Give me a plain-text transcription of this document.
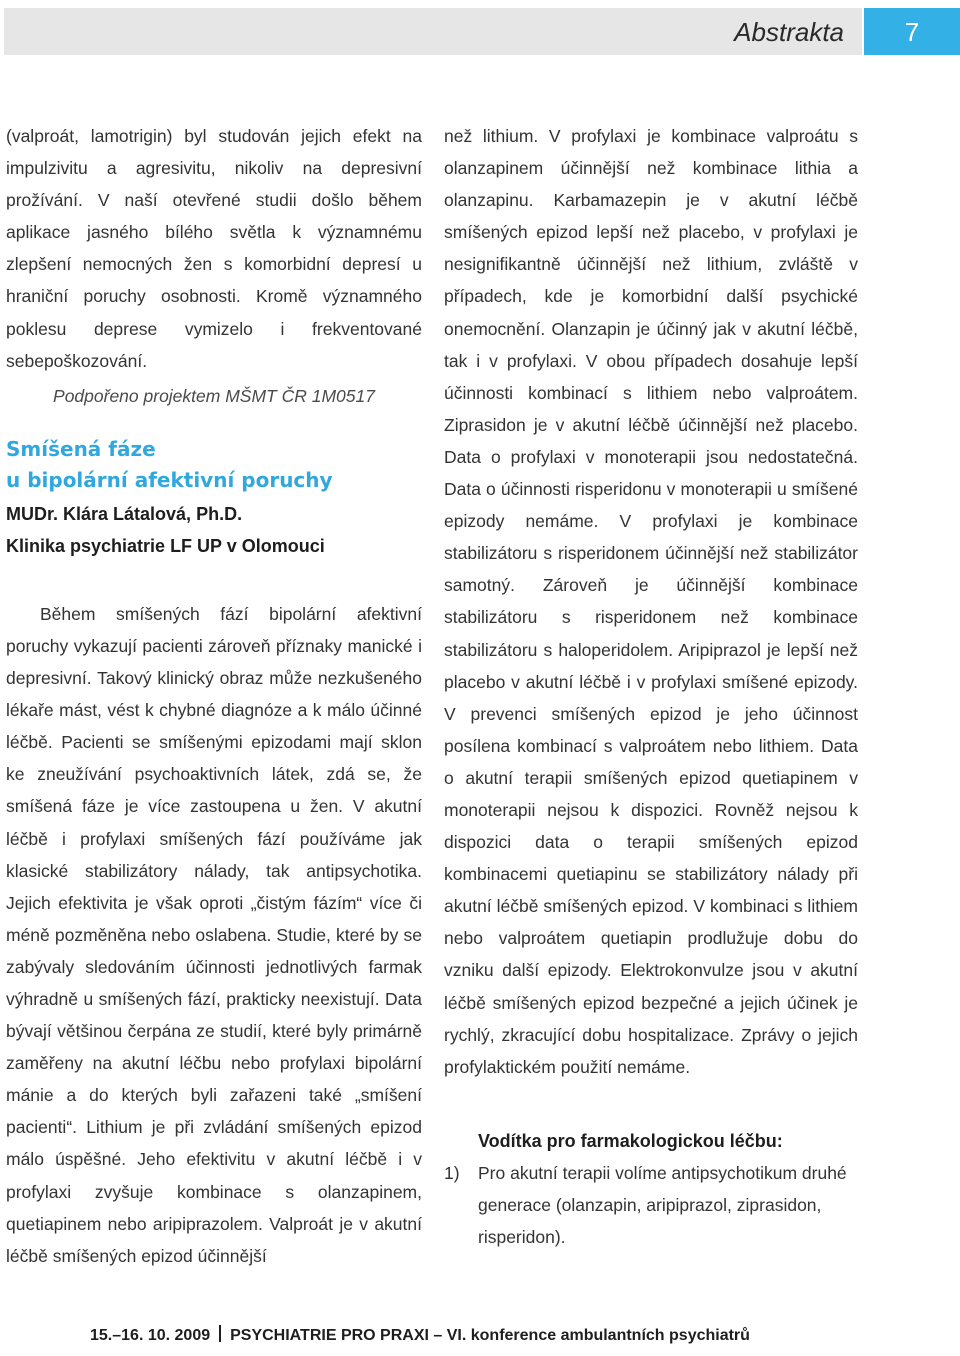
Abstrakta	7

(valproát, lamotrigin) byl studován jejich efekt na impulzivitu a agresivitu, nikoliv na depresivní prožívání. V naší otevřené studii došlo během aplikace jasného bílého světla k významnému zlepšení nemocných žen s komorbidní depresí u hraniční poruchy osobnosti. Kromě významného poklesu deprese vymizelo i frekventované sebepoškozování.

Podpořeno projektem MŠMT ČR 1M0517

Smíšená fáze
u bipolární afektivní poruchy

MUDr. Klára Látalová, Ph.D.

Klinika psychiatrie LF UP v Olomouci

Během smíšených fází bipolární afektivní poruchy vykazují pacienti zároveň příznaky manické i depresivní. Takový klinický obraz může nezkušeného lékaře mást, vést k chybné diagnóze a k málo účinné léčbě. Pacienti se smíšenými epizodami mají sklon ke zneužívání psychoaktivních látek, zdá se, že smíšená fáze je více zastoupena u žen. V akutní léčbě i profylaxi smíšených fází používáme jak klasické stabilizátory nálady, tak antipsychotika. Jejich efektivita je však oproti „čistým fázím“ více či méně pozměněna nebo oslabena. Studie, které by se zabývaly sledováním účinnosti jednotlivých farmak výhradně u smíšených fází, prakticky neexistují. Data bývají většinou čerpána ze studií, které byly primárně zaměřeny na akutní léčbu nebo profylaxi bipolární mánie a do kterých byli zařazeni také „smíšení pacienti“. Lithium je při zvládání smíšených epizod málo úspěšné. Jeho efektivitu v akutní léčbě i v profylaxi zvyšuje kombinace s olanzapinem, quetiapinem nebo aripiprazolem. Valproát je v akutní léčbě smíšených epizod účinnější

než lithium. V profylaxi je kombinace valproátu s olanzapinem účinnější než kombinace lithia a olanzapinu. Karbamazepin je v akutní léčbě smíšených epizod lepší než placebo, v profylaxi je nesignifikantně účinnější než lithium, zvláště v případech, kde je komorbidní další psychické onemocnění. Olanzapin je účinný jak v akutní léčbě, tak i v profylaxi. V obou případech dosahuje lepší účinnosti kombinací s lithiem nebo valproátem. Ziprasidon je v akutní léčbě účinnější než placebo. Data o profylaxi v monoterapii jsou nedostatečná. Data o účinnosti risperidonu v monoterapii u smíšené epizody nemáme. V profylaxi je kombinace stabilizátoru s risperidonem účinnější než stabilizátor samotný. Zároveň je účinnější kombinace stabilizátoru s risperidonem než kombinace stabilizátoru s haloperidolem. Aripiprazol je lepší než placebo v akutní léčbě i v profylaxi smíšené epizody. V prevenci smíšených epizod je jeho účinnost posílena kombinací s valproátem nebo lithiem. Data o akutní terapii smíšených epizod quetiapinem v monoterapii nejsou k dispozici. Rovněž nejsou k dispozici data o terapii smíšených epizod kombinacemi quetiapinu se stabilizátory nálady při akutní léčbě smíšených epizod. V kombinaci s lithiem nebo valproátem quetiapin prodlužuje dobu do vzniku další epizody. Elektrokonvulze jsou v akutní léčbě smíšených epizod bezpečné a jejich účinek je rychlý, zkracující dobu hospitalizace. Zprávy o jejich profylaktickém použití nemáme.

Vodítka pro farmakologickou léčbu:

1)	Pro akutní terapii volíme antipsychotikum druhé generace (olanzapin, aripiprazol, ziprasidon, risperidon).
15.–16. 10. 2009 PSYCHIATRIE PRO PRAXI – VI. konference ambulantních psychiatrů
